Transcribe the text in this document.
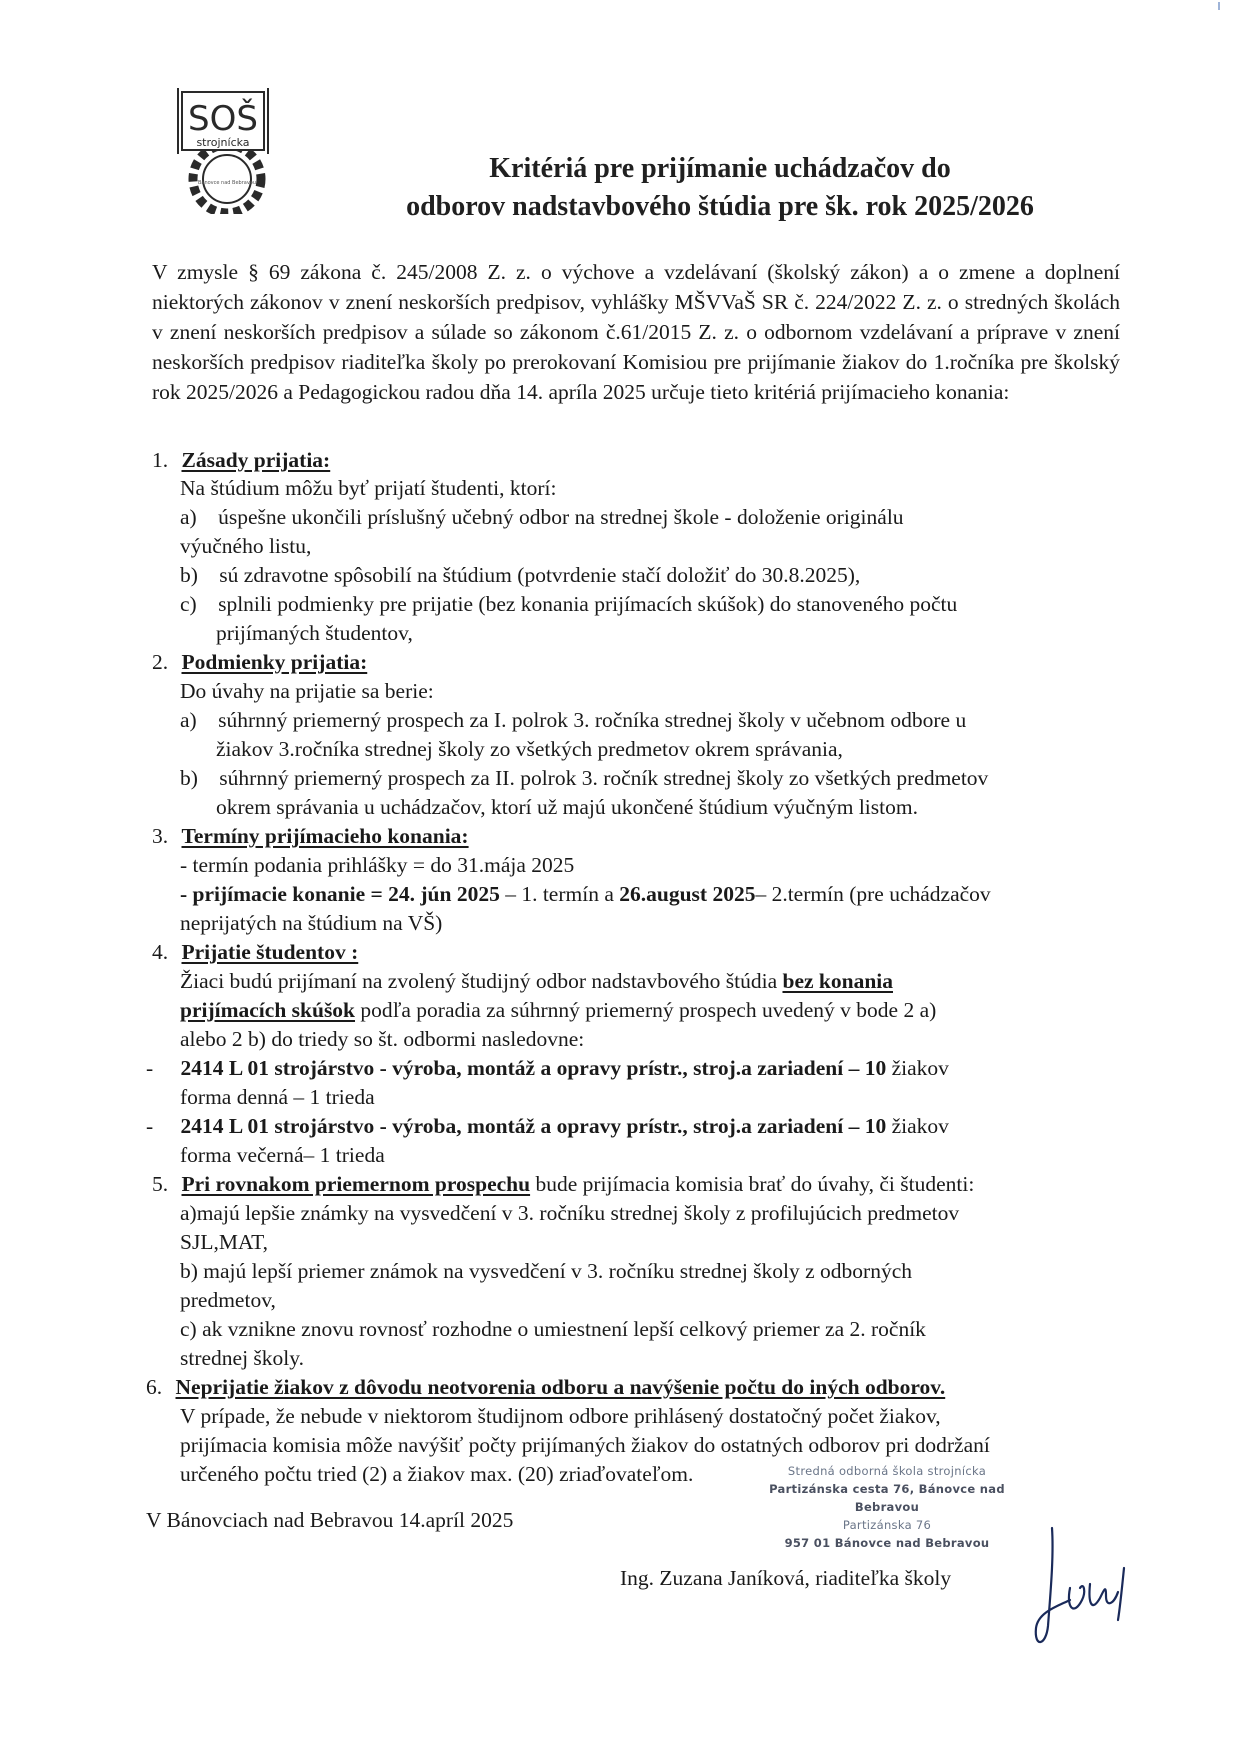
SOŠ
strojnícka
Bánovce nad Bebravou	Kritériá pre prijímanie uchádzačov do
odborov nadstavbového štúdia pre šk. rok 2025/2026
V zmysle § 69 zákona č. 245/2008 Z. z. o výchove a vzdelávaní (školský zákon) a o zmene a doplnení niektorých zákonov v znení neskorších predpisov, vyhlášky MŠVVaŠ SR č. 224/2022 Z. z. o stredných školách v znení neskorších predpisov a súlade so zákonom č.61/2015 Z. z. o odbornom vzdelávaní a príprave v znení neskorších predpisov riaditeľka školy po prerokovaní Komisiou pre prijímanie žiakov do 1.ročníka pre školský rok 2025/2026 a Pedagogickou radou dňa 14. apríla 2025 určuje tieto kritériá prijímacieho konania:
1. Zásady prijatia:
Na štúdium môžu byť prijatí študenti, ktorí:
a) úspešne ukončili príslušný učebný odbor na strednej škole - doloženie originálu
výučného listu,
b) sú zdravotne spôsobilí na štúdium (potvrdenie stačí doložiť do 30.8.2025),
c) splnili podmienky pre prijatie (bez konania prijímacích skúšok) do stanoveného počtu
prijímaných študentov,
2. Podmienky prijatia:
Do úvahy na prijatie sa berie:
a) súhrnný priemerný prospech za I. polrok 3. ročníka strednej školy v učebnom odbore u
žiakov 3.ročníka strednej školy zo všetkých predmetov okrem správania,
b) súhrnný priemerný prospech za II. polrok 3. ročník strednej školy zo všetkých predmetov
okrem správania u uchádzačov, ktorí už majú ukončené štúdium výučným listom.
3. Termíny prijímacieho konania:
- termín podania prihlášky = do 31.mája 2025
- prijímacie konanie = 24. jún 2025 – 1. termín a 26.august 2025– 2.termín (pre uchádzačov
neprijatých na štúdium na VŠ)
4. Prijatie študentov :
Žiaci budú prijímaní na zvolený študijný odbor nadstavbového štúdia bez konania
prijímacích skúšok podľa poradia za súhrnný priemerný prospech uvedený v bode 2 a)
alebo 2 b) do triedy so št. odbormi nasledovne:
- 2414 L 01 strojárstvo - výroba, montáž a opravy prístr., stroj.a zariadení – 10 žiakov
forma denná – 1 trieda
- 2414 L 01 strojárstvo - výroba, montáž a opravy prístr., stroj.a zariadení – 10 žiakov
forma večerná– 1 trieda
5. Pri rovnakom priemernom prospechu bude prijímacia komisia brať do úvahy, či študenti:
a)majú lepšie známky na vysvedčení v 3. ročníku strednej školy z profilujúcich predmetov
SJL,MAT,
b) majú lepší priemer známok na vysvedčení v 3. ročníku strednej školy z odborných
predmetov,
c) ak vznikne znovu rovnosť rozhodne o umiestnení lepší celkový priemer za 2. ročník
strednej školy.
6. Neprijatie žiakov z dôvodu neotvorenia odboru a navýšenie počtu do iných odborov.
V prípade, že nebude v niektorom študijnom odbore prihlásený dostatočný počet žiakov,
prijímacia komisia môže navýšiť počty prijímaných žiakov do ostatných odborov pri dodržaní
určeného počtu tried (2) a žiakov max. (20) zriaďovateľom.	Stredná odborná škola strojnícka
Partizánska cesta 76, Bánovce nad Bebravou
Partizánska 76
957 01 Bánovce nad Bebravou
V Bánovciach nad Bebravou 14.apríl 2025
Ing. Zuzana Janíková, riaditeľka školy
